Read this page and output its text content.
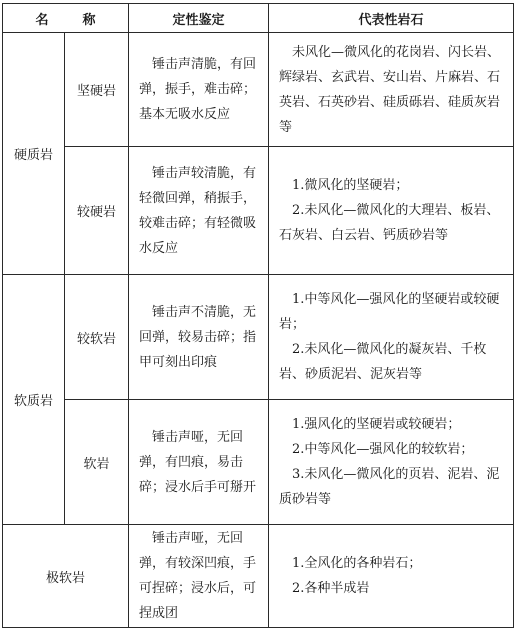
名 称		定性鉴定	代表性岩石
硬质岩	坚硬岩	锤击声清脆，有回弹，振手，难击碎；基本无吸水反应	未风化—微风化的花岗岩、闪长岩、辉绿岩、玄武岩、安山岩、片麻岩、石英岩、石英砂岩、硅质砾岩、硅质灰岩等

	较硬岩	锤击声较清脆，有轻微回弹，稍振手，较难击碎；有轻微吸水反应	1.微风化的坚硬岩；

2.未风化—微风化的大理岩、板岩、石灰岩、白云岩、钙质砂岩等

软质岩	较软岩	锤击声不清脆，无回弹，较易击碎；指甲可刻出印痕	1.中等风化—强风化的坚硬岩或较硬岩；

2.未风化—微风化的凝灰岩、千枚岩、砂质泥岩、泥灰岩等

	软岩	锤击声哑，无回弹，有凹痕，易击碎；浸水后手可掰开	1.强风化的坚硬岩或较硬岩；

2.中等风化—强风化的较软岩；

3.未风化—微风化的页岩、泥岩、泥质砂岩等

极软岩		锤击声哑，无回弹，有较深凹痕，手可捏碎；浸水后，可捏成团	1.全风化的各种岩石；

2.各种半成岩
